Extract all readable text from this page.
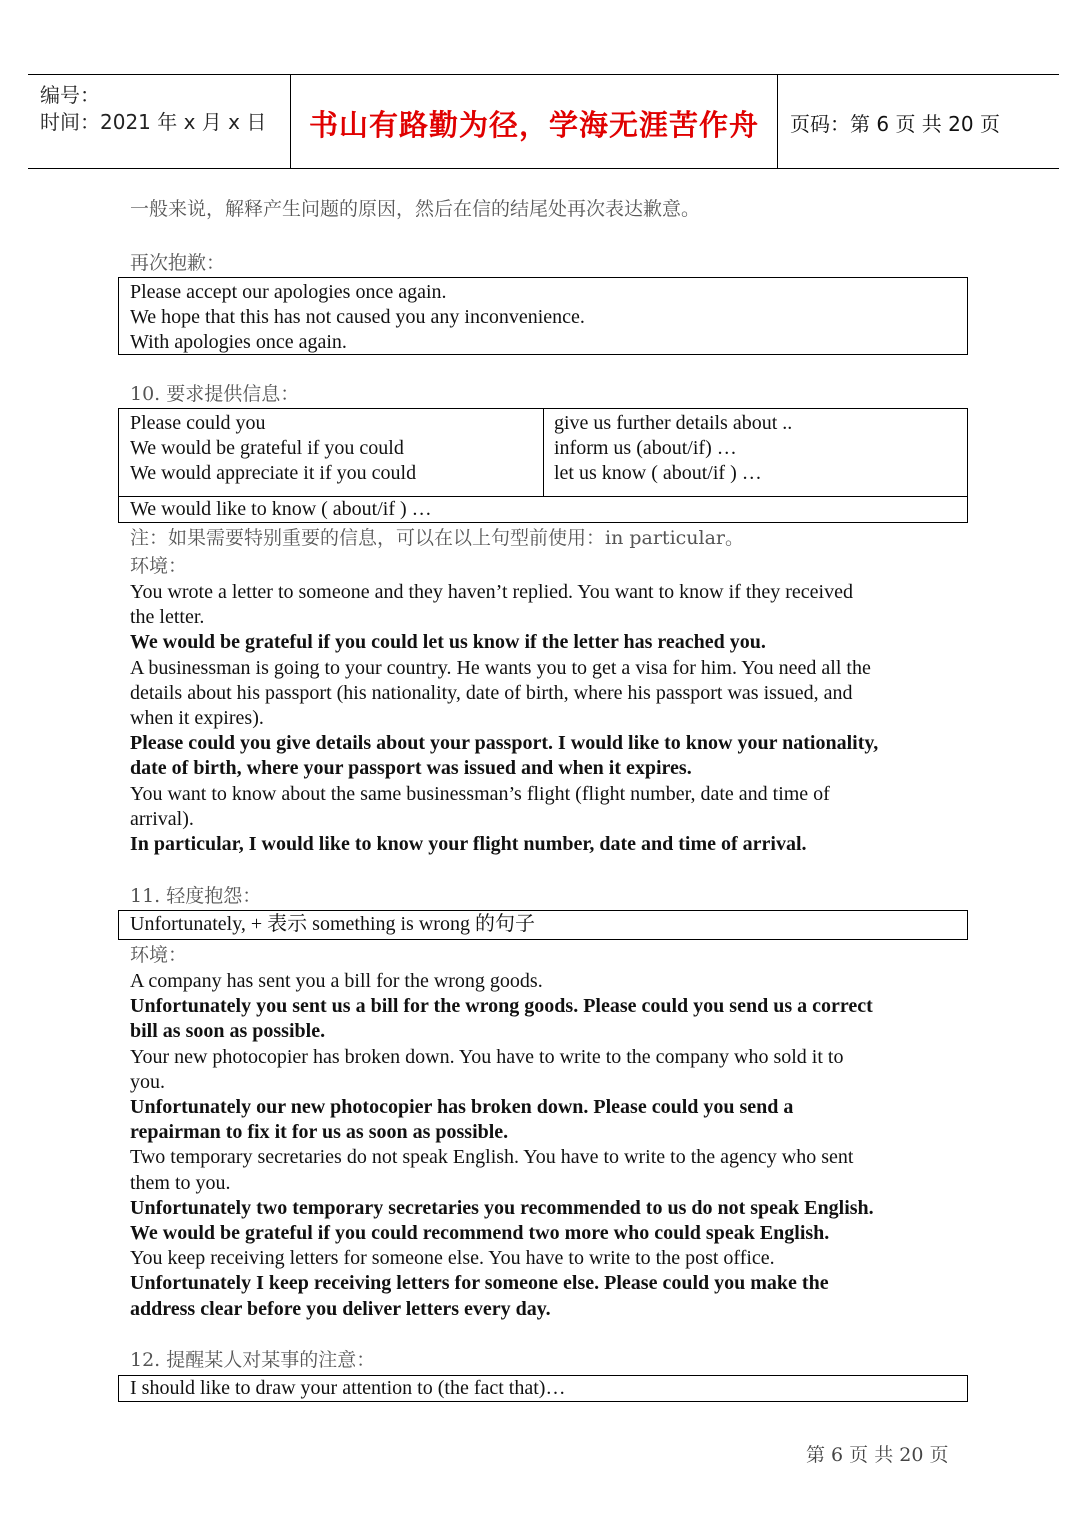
编号：
时间：2021 年 x 月 x 日	书山有路勤为径，学海无涯苦作舟	页码：第 6 页 共 20 页
一般来说，解释产生问题的原因，然后在信的结尾处再次表达歉意。
再次抱歉：
Please accept our apologies once again.
We hope that this has not caused you any inconvenience.
With apologies once again.
10. 要求提供信息：
Please could you
We would be grateful if you could
We would appreciate it if you could
give us further details about ..
inform us (about/if) …
let us know ( about/if ) …
We would like to know ( about/if ) …
注：如果需要特别重要的信息，可以在以上句型前使用：in particular。
环境：
You wrote a letter to someone and they haven’t replied. You want to know if they received
the letter.
We would be grateful if you could let us know if the letter has reached you.
A businessman is going to your country. He wants you to get a visa for him. You need all the
details about his passport (his nationality, date of birth, where his passport was issued, and
when it expires).
Please could you give details about your passport. I would like to know your nationality,
date of birth, where your passport was issued and when it expires.
You want to know about the same businessman’s flight (flight number, date and time of
arrival).
In particular, I would like to know your flight number, date and time of arrival.
11. 轻度抱怨：
Unfortunately, + 表示 something is wrong 的句子
环境：
A company has sent you a bill for the wrong goods.
Unfortunately you sent us a bill for the wrong goods. Please could you send us a correct
bill as soon as possible.
Your new photocopier has broken down. You have to write to the company who sold it to
you.
Unfortunately our new photocopier has broken down. Please could you send a
repairman to fix it for us as soon as possible.
Two temporary secretaries do not speak English. You have to write to the agency who sent
them to you.
Unfortunately two temporary secretaries you recommended to us do not speak English.
We would be grateful if you could recommend two more who could speak English.
You keep receiving letters for someone else. You have to write to the post office.
Unfortunately I keep receiving letters for someone else. Please could you make the
address clear before you deliver letters every day.
12. 提醒某人对某事的注意：
I should like to draw your attention to (the fact that)…
第 6 页 共 20 页
